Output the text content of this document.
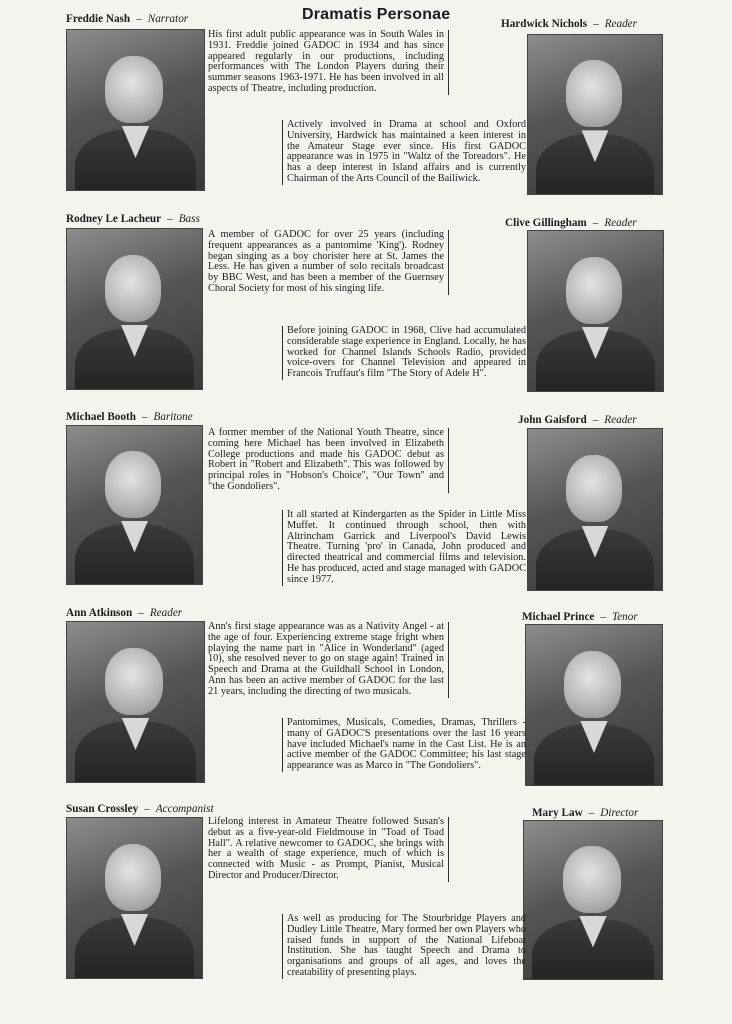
Dramatis Personae
Freddie Nash – Narrator

His first adult public appearance was in South Wales in 1931. Freddie joined GADOC in 1934 and has since appeared regularly in our productions, including performances with The London Players during their summer seasons 1963-1971. He has been involved in all aspects of Theatre, including production.

Hardwick Nichols – Reader

Actively involved in Drama at school and Oxford University, Hardwick has maintained a keen interest in the Amateur Stage ever since. His first GADOC appearance was in 1975 in "Waltz of the Toreadors". He has a deep interest in Island affairs and is currently Chairman of the Arts Council of the Bailiwick.

Rodney Le Lacheur – Bass

A member of GADOC for over 25 years (including frequent appearances as a pantomime 'King'). Rodney began singing as a boy chorister here at St. James the Less. He has given a number of solo recitals broadcast by BBC West, and has been a member of the Guernsey Choral Society for most of his singing life.

Clive Gillingham – Reader

Before joining GADOC in 1968, Clive had accumulated considerable stage experience in England. Locally, he has worked for Channel Islands Schools Radio, provided voice-overs for Channel Television and appeared in Francois Truffaut's film "The Story of Adele H".

Michael Booth – Baritone

A former member of the National Youth Theatre, since coming here Michael has been involved in Elizabeth College productions and made his GADOC debut as Robert in "Robert and Elizabeth". This was followed by principal roles in "Hobson's Choice", "Our Town" and "the Gondoliers".

John Gaisford – Reader

It all started at Kindergarten as the Spider in Little Miss Muffet. It continued through school, then with Altrincham Garrick and Liverpool's David Lewis Theatre. Turning 'pro' in Canada, John produced and directed theatrical and commercial films and television. He has produced, acted and stage managed with GADOC since 1977.

Ann Atkinson – Reader

Ann's first stage appearance was as a Nativity Angel - at the age of four. Experiencing extreme stage fright when playing the name part in "Alice in Wonderland" (aged 10), she resolved never to go on stage again! Trained in Speech and Drama at the Guildhall School in London, Ann has been an active member of GADOC for the last 21 years, including the directing of two musicals.

Michael Prince – Tenor

Pantomimes, Musicals, Comedies, Dramas, Thrillers - many of GADOC'S presentations over the last 16 years have included Michael's name in the Cast List. He is an active member of the GADOC Committee; his last stage appearance was as Marco in "The Gondoliers".

Susan Crossley – Accompanist

Lifelong interest in Amateur Theatre followed Susan's debut as a five-year-old Fieldmouse in "Toad of Toad Hall". A relative newcomer to GADOC, she brings with her a wealth of stage experience, much of which is connected with Music - as Prompt, Pianist, Musical Director and Producer/Director.

Mary Law – Director

As well as producing for The Stourbridge Players and Dudley Little Theatre, Mary formed her own Players who raised funds in support of the National Lifeboat Institution. She has taught Speech and Drama to organisations and groups of all ages, and loves the creatability of presenting plays.
